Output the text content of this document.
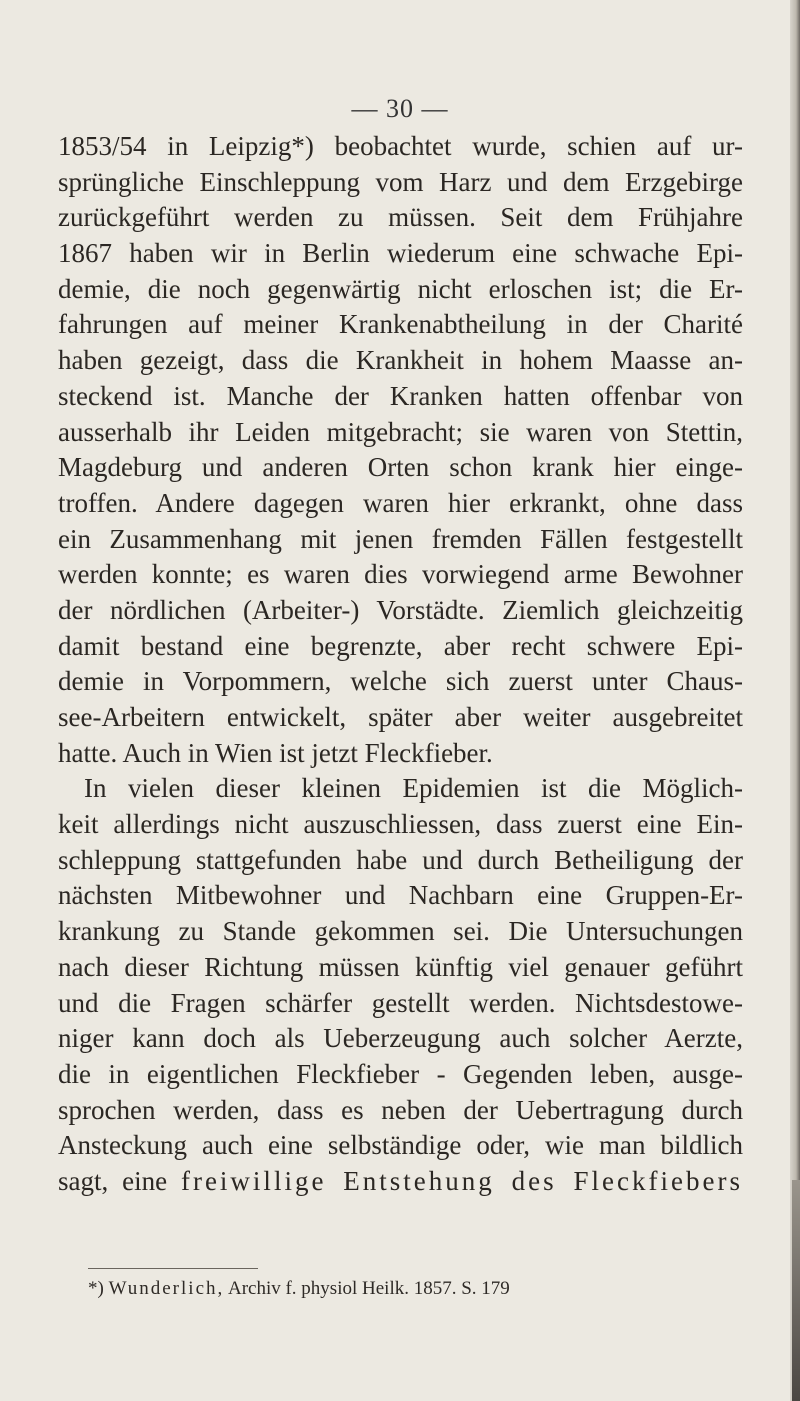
— 30 —
1853/54 in Leipzig*) beobachtet wurde, schien auf ur-
sprüngliche Einschleppung vom Harz und dem Erzgebirge
zurückgeführt werden zu müssen. Seit dem Frühjahre
1867 haben wir in Berlin wiederum eine schwache Epi-
demie, die noch gegenwärtig nicht erloschen ist; die Er-
fahrungen auf meiner Krankenabtheilung in der Charité
haben gezeigt, dass die Krankheit in hohem Maasse an-
steckend ist. Manche der Kranken hatten offenbar von
ausserhalb ihr Leiden mitgebracht; sie waren von Stettin,
Magdeburg und anderen Orten schon krank hier einge-
troffen. Andere dagegen waren hier erkrankt, ohne dass
ein Zusammenhang mit jenen fremden Fällen festgestellt
werden konnte; es waren dies vorwiegend arme Bewohner
der nördlichen (Arbeiter-) Vorstädte. Ziemlich gleichzeitig
damit bestand eine begrenzte, aber recht schwere Epi-
demie in Vorpommern, welche sich zuerst unter Chaus-
see-Arbeitern entwickelt, später aber weiter ausgebreitet
hatte. Auch in Wien ist jetzt Fleckfieber.
In vielen dieser kleinen Epidemien ist die Möglich-
keit allerdings nicht auszuschliessen, dass zuerst eine Ein-
schleppung stattgefunden habe und durch Betheiligung der
nächsten Mitbewohner und Nachbarn eine Gruppen-Er-
krankung zu Stande gekommen sei. Die Untersuchungen
nach dieser Richtung müssen künftig viel genauer geführt
und die Fragen schärfer gestellt werden. Nichtsdestowe-
niger kann doch als Ueberzeugung auch solcher Aerzte,
die in eigentlichen Fleckfieber - Gegenden leben, ausge-
sprochen werden, dass es neben der Uebertragung durch
Ansteckung auch eine selbständige oder, wie man bildlich
sagt, eine freiwillige Entstehung des Fleckfiebers
*) Wunderlich, Archiv f. physiol Heilk. 1857. S. 179
